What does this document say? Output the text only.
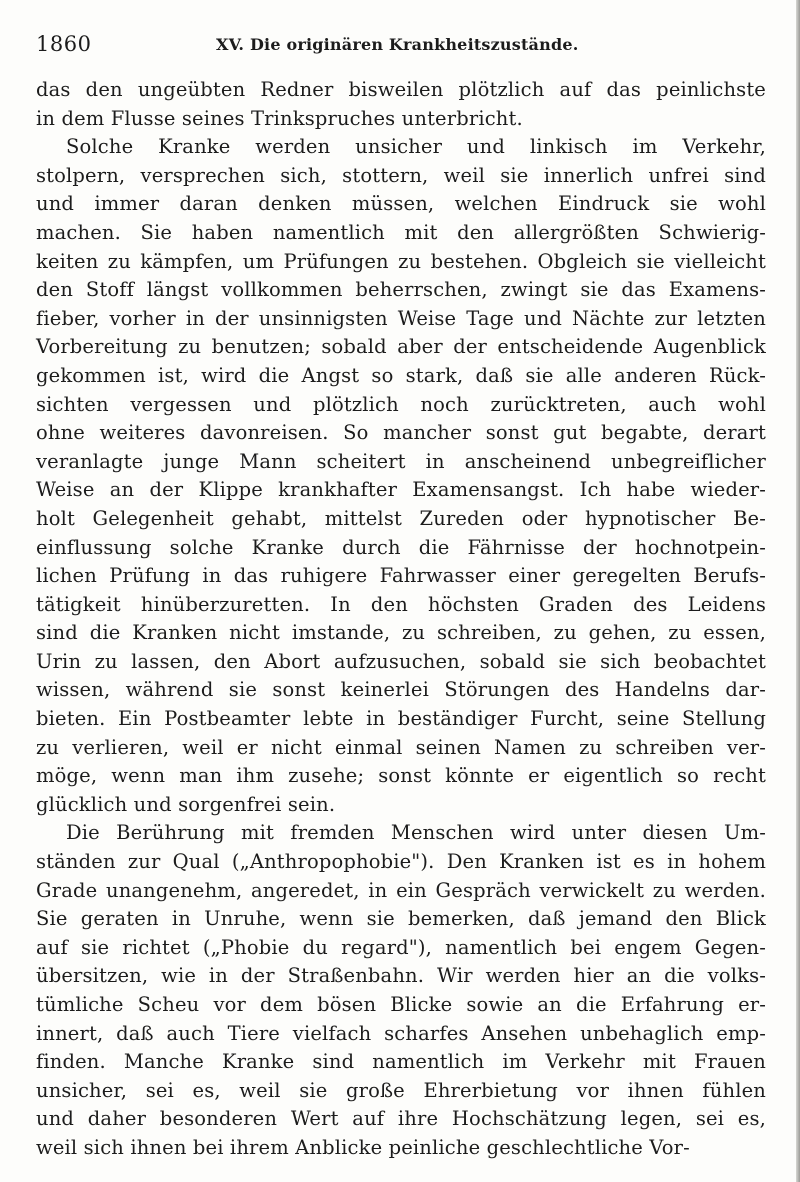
1860	XV. Die originären Krankheitszustände.
das den ungeübten Redner bisweilen plötzlich auf das peinlichste
in dem Flusse seines Trinkspruches unterbricht.
Solche Kranke werden unsicher und linkisch im Verkehr,
stolpern, versprechen sich, stottern, weil sie innerlich unfrei sind
und immer daran denken müssen, welchen Eindruck sie wohl
machen. Sie haben namentlich mit den allergrößten Schwierig-
keiten zu kämpfen, um Prüfungen zu bestehen. Obgleich sie vielleicht
den Stoff längst vollkommen beherrschen, zwingt sie das Examens-
fieber, vorher in der unsinnigsten Weise Tage und Nächte zur letzten
Vorbereitung zu benutzen; sobald aber der entscheidende Augenblick
gekommen ist, wird die Angst so stark, daß sie alle anderen Rück-
sichten vergessen und plötzlich noch zurücktreten, auch wohl
ohne weiteres davonreisen. So mancher sonst gut begabte, derart
veranlagte junge Mann scheitert in anscheinend unbegreiflicher
Weise an der Klippe krankhafter Examensangst. Ich habe wieder-
holt Gelegenheit gehabt, mittelst Zureden oder hypnotischer Be-
einflussung solche Kranke durch die Fährnisse der hochnotpein-
lichen Prüfung in das ruhigere Fahrwasser einer geregelten Berufs-
tätigkeit hinüberzuretten. In den höchsten Graden des Leidens
sind die Kranken nicht imstande, zu schreiben, zu gehen, zu essen,
Urin zu lassen, den Abort aufzusuchen, sobald sie sich beobachtet
wissen, während sie sonst keinerlei Störungen des Handelns dar-
bieten. Ein Postbeamter lebte in beständiger Furcht, seine Stellung
zu verlieren, weil er nicht einmal seinen Namen zu schreiben ver-
möge, wenn man ihm zusehe; sonst könnte er eigentlich so recht
glücklich und sorgenfrei sein.
Die Berührung mit fremden Menschen wird unter diesen Um-
ständen zur Qual („Anthropophobie"). Den Kranken ist es in hohem
Grade unangenehm, angeredet, in ein Gespräch verwickelt zu werden.
Sie geraten in Unruhe, wenn sie bemerken, daß jemand den Blick
auf sie richtet („Phobie du regard"), namentlich bei engem Gegen-
übersitzen, wie in der Straßenbahn. Wir werden hier an die volks-
tümliche Scheu vor dem bösen Blicke sowie an die Erfahrung er-
innert, daß auch Tiere vielfach scharfes Ansehen unbehaglich emp-
finden. Manche Kranke sind namentlich im Verkehr mit Frauen
unsicher, sei es, weil sie große Ehrerbietung vor ihnen fühlen
und daher besonderen Wert auf ihre Hochschätzung legen, sei es,
weil sich ihnen bei ihrem Anblicke peinliche geschlechtliche Vor-
